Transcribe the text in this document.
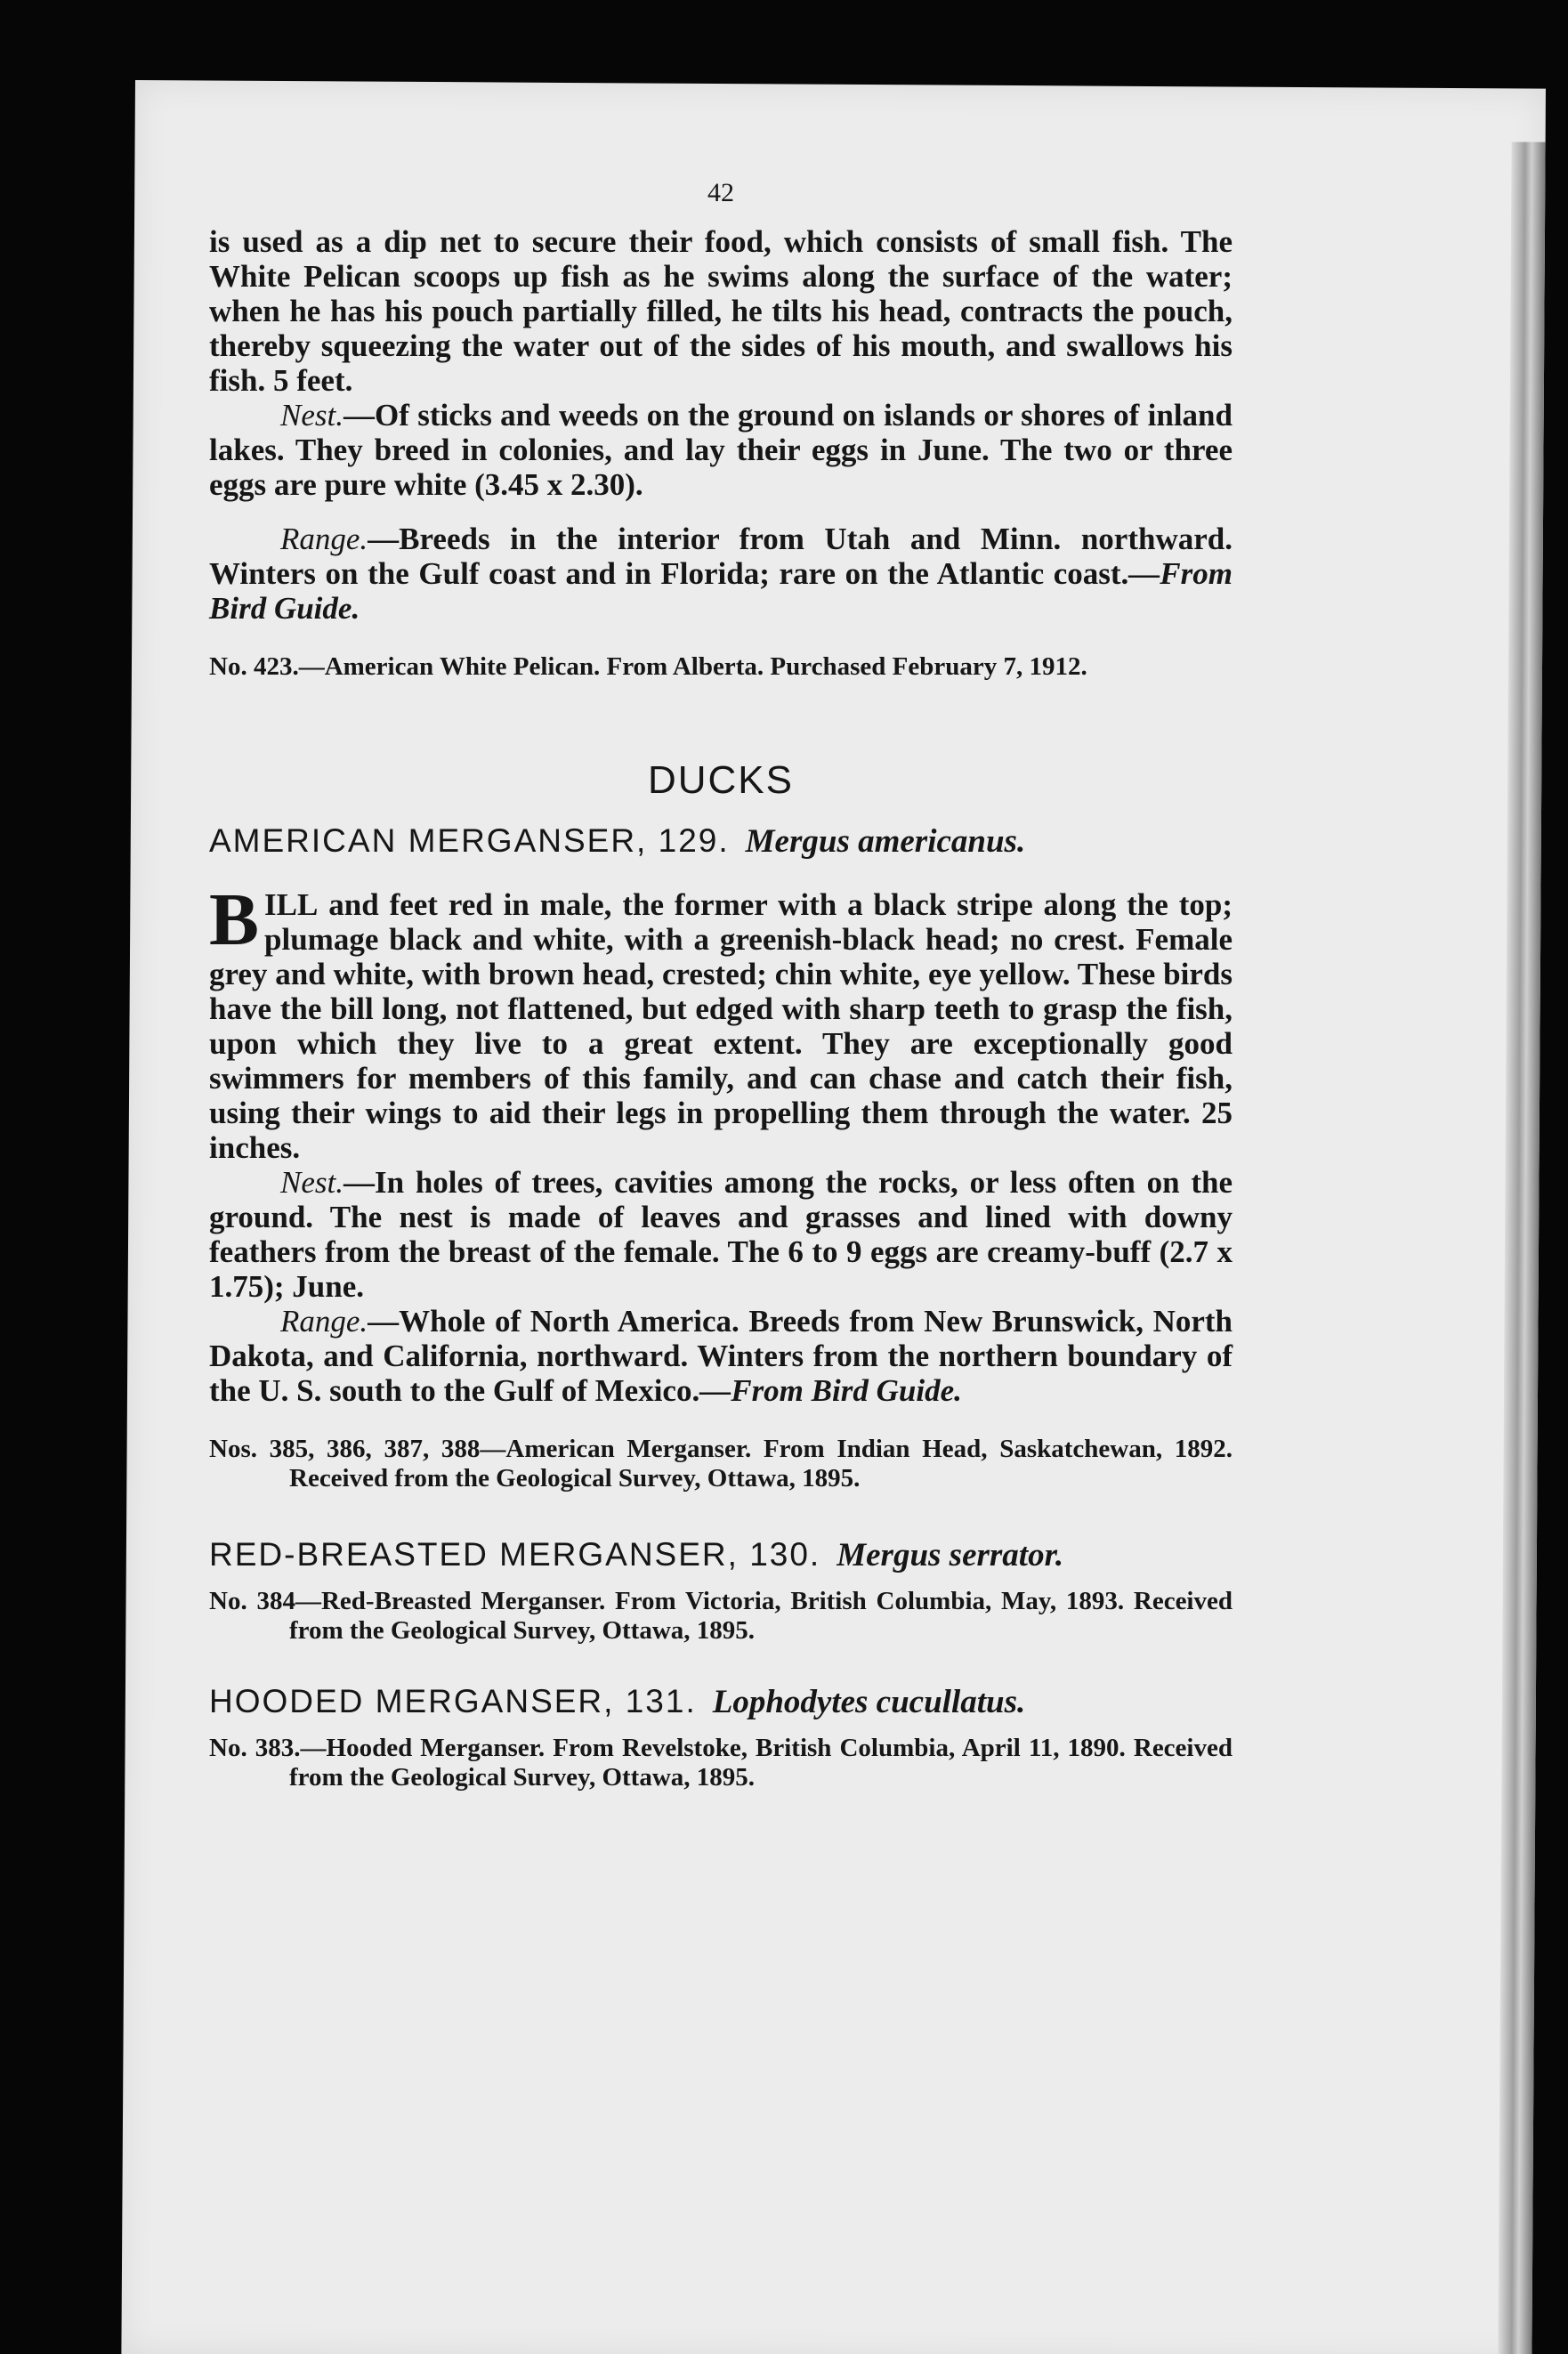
42

is used as a dip net to secure their food, which consists of small fish. The White Pelican scoops up fish as he swims along the surface of the water; when he has his pouch partially filled, he tilts his head, contracts the pouch, thereby squeezing the water out of the sides of his mouth, and swallows his fish. 5 feet.

Nest.—Of sticks and weeds on the ground on islands or shores of inland lakes. They breed in colonies, and lay their eggs in June. The two or three eggs are pure white (3.45 x 2.30).

Range.—Breeds in the interior from Utah and Minn. northward. Winters on the Gulf coast and in Florida; rare on the Atlantic coast.—From Bird Guide.

No. 423.—American White Pelican. From Alberta. Purchased February 7, 1912.

DUCKS
AMERICAN MERGANSER, 129. Mergus americanus.

BILL and feet red in male, the former with a black stripe along the top; plumage black and white, with a greenish-black head; no crest. Female grey and white, with brown head, crested; chin white, eye yellow. These birds have the bill long, not flattened, but edged with sharp teeth to grasp the fish, upon which they live to a great extent. They are exceptionally good swimmers for members of this family, and can chase and catch their fish, using their wings to aid their legs in propelling them through the water. 25 inches.

Nest.—In holes of trees, cavities among the rocks, or less often on the ground. The nest is made of leaves and grasses and lined with downy feathers from the breast of the female. The 6 to 9 eggs are creamy-buff (2.7 x 1.75); June.

Range.—Whole of North America. Breeds from New Brunswick, North Dakota, and California, northward. Winters from the northern boundary of the U. S. south to the Gulf of Mexico.—From Bird Guide.

Nos. 385, 386, 387, 388—American Merganser. From Indian Head, Saskatchewan, 1892. Received from the Geological Survey, Ottawa, 1895.

RED-BREASTED MERGANSER, 130. Mergus serrator.

No. 384—Red-Breasted Merganser. From Victoria, British Columbia, May, 1893. Received from the Geological Survey, Ottawa, 1895.

HOODED MERGANSER, 131. Lophodytes cucullatus.

No. 383.—Hooded Merganser. From Revelstoke, British Columbia, April 11, 1890. Received from the Geological Survey, Ottawa, 1895.
